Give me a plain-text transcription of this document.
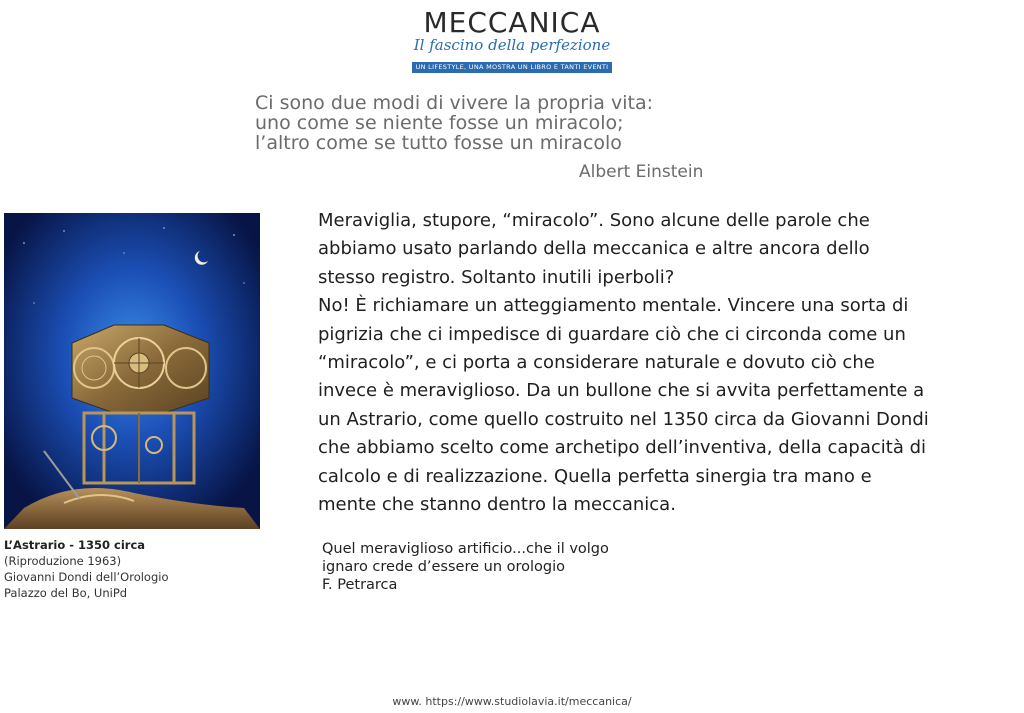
MECCANICA
Il fascino della perfezione
UN LIFESTYLE, UNA MOSTRA UN LIBRO E TANTI EVENTI
Ci sono due modi di vivere la propria vita:
uno come se niente fosse un miracolo;
l’altro come se tutto fosse un miracolo
Albert Einstein
L’Astrario - 1350 circa
(Riproduzione 1963)
Giovanni Dondi dell’Orologio
Palazzo del Bo, UniPd
Meraviglia, stupore, “miracolo”. Sono alcune delle parole che
abbiamo usato parlando della meccanica e altre ancora dello
stesso registro. Soltanto inutili iperboli?
No! È richiamare un atteggiamento mentale. Vincere una sorta di
pigrizia che ci impedisce di guardare ciò che ci circonda come un
“miracolo”, e ci porta a considerare naturale e dovuto ciò che
invece è meraviglioso. Da un bullone che si avvita perfettamente a
un Astrario, come quello costruito nel 1350 circa da Giovanni Dondi
che abbiamo scelto come archetipo dell’inventiva, della capacità di
calcolo e di realizzazione. Quella perfetta sinergia tra mano e
mente che stanno dentro la meccanica.
Quel meraviglioso artificio...che il volgo
ignaro crede d’essere un orologio
F. Petrarca
www. https://www.studiolavia.it/meccanica/
